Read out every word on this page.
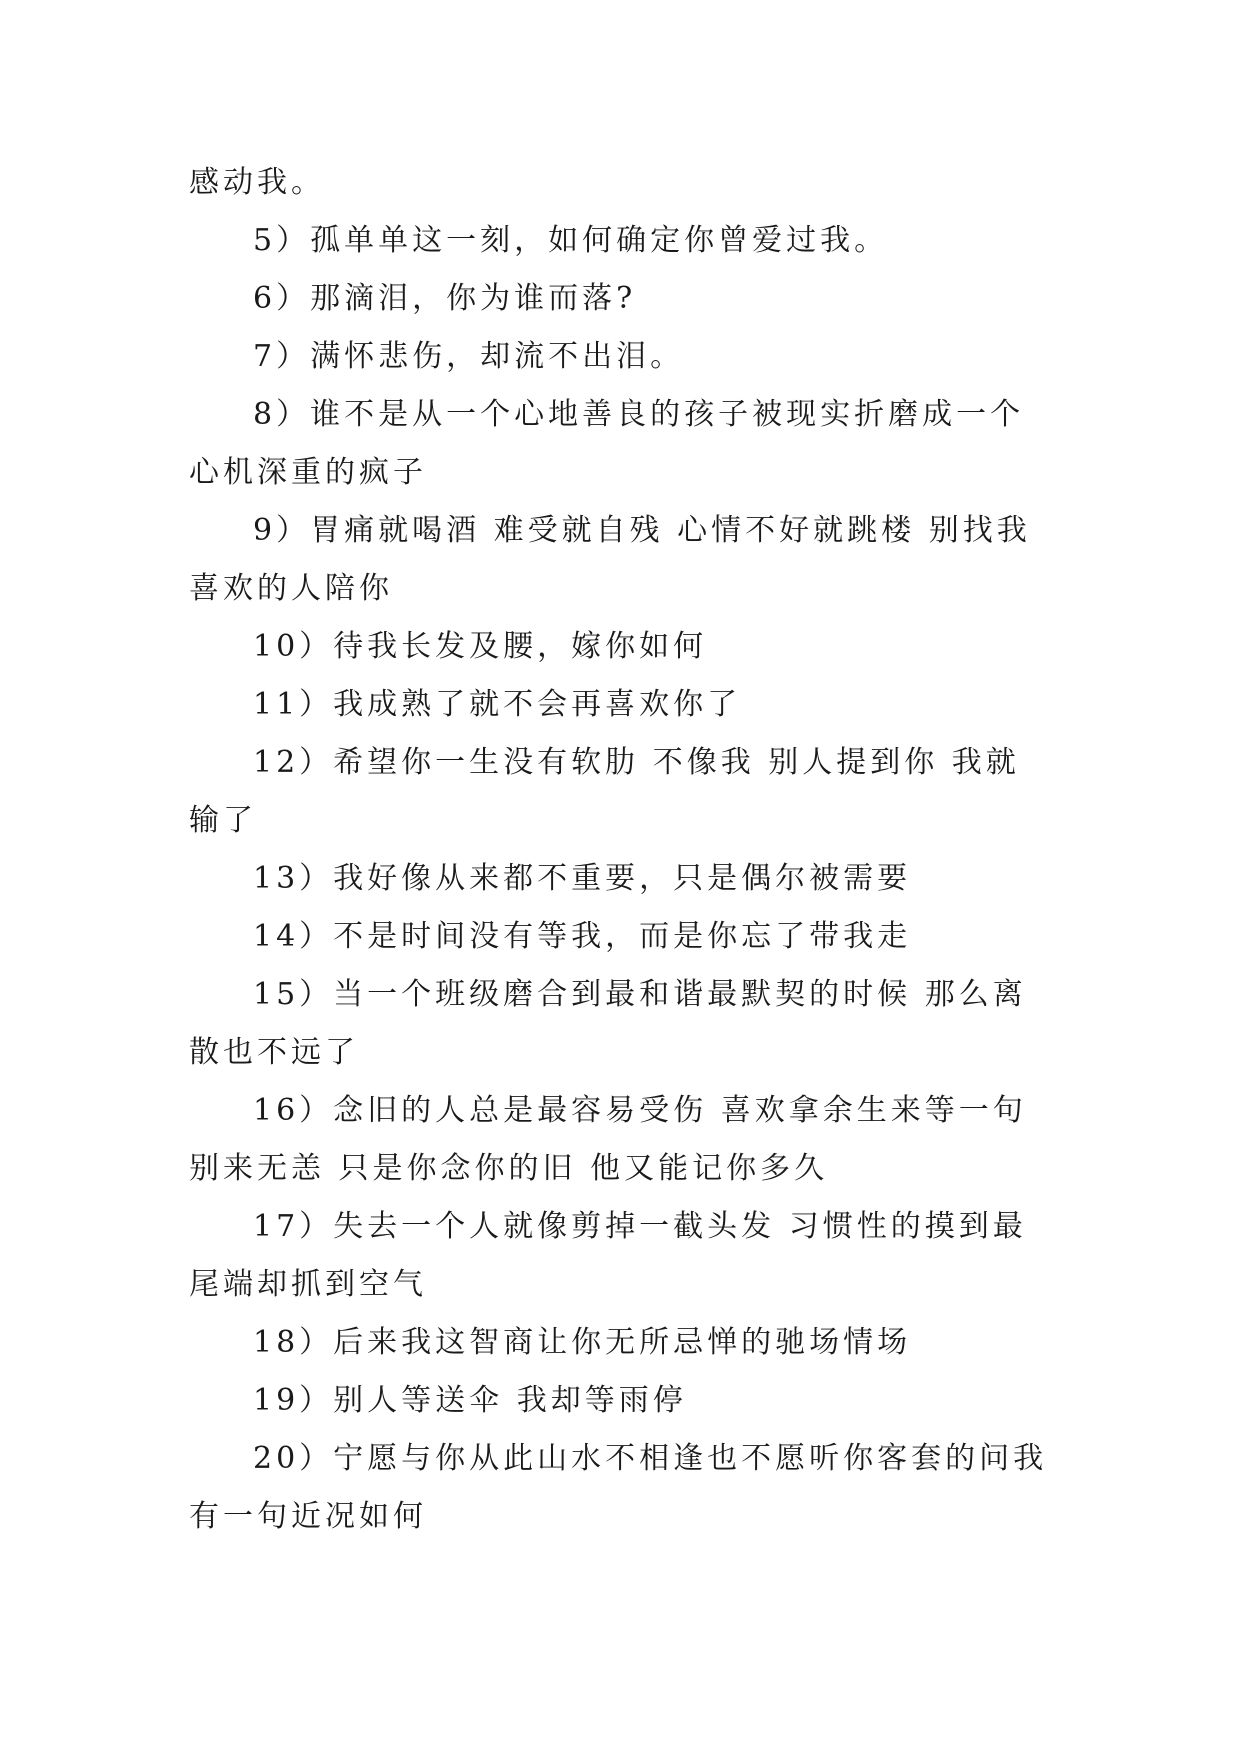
感动我。

5）孤单单这一刻，如何确定你曾爱过我。

6）那滴泪，你为谁而落?

7）满怀悲伤，却流不出泪。

8）谁不是从一个心地善良的孩子被现实折磨成一个心机深重的疯子

9）胃痛就喝酒 难受就自残 心情不好就跳楼 别找我喜欢的人陪你

10）待我长发及腰，嫁你如何

11）我成熟了就不会再喜欢你了

12）希望你一生没有软肋 不像我 别人提到你 我就输了

13）我好像从来都不重要，只是偶尔被需要

14）不是时间没有等我，而是你忘了带我走

15）当一个班级磨合到最和谐最默契的时候 那么离散也不远了

16）念旧的人总是最容易受伤 喜欢拿余生来等一句别来无恙 只是你念你的旧 他又能记你多久

17）失去一个人就像剪掉一截头发 习惯性的摸到最尾端却抓到空气

18）后来我这智商让你无所忌惮的驰场情场

19）别人等送伞 我却等雨停

20）宁愿与你从此山水不相逢也不愿听你客套的问我有一句近况如何
